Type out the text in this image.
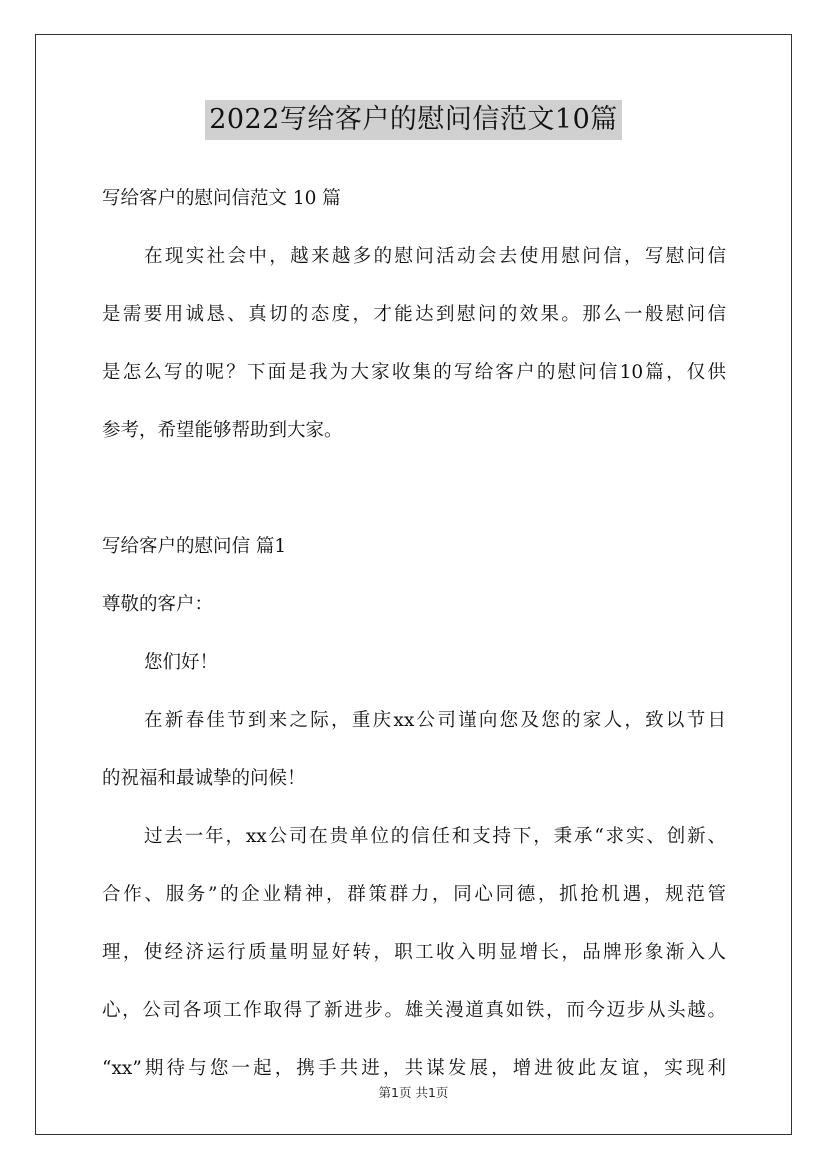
2022写给客户的慰问信范文10篇
写给客户的慰问信范文 10 篇
在现实社会中，越来越多的慰问活动会去使用慰问信，写慰问信
是需要用诚恳、真切的态度，才能达到慰问的效果。那么一般慰问信
是怎么写的呢？下面是我为大家收集的写给客户的慰问信10篇，仅供
参考，希望能够帮助到大家。
写给客户的慰问信 篇1
尊敬的客户：
您们好！
在新春佳节到来之际，重庆xx公司谨向您及您的家人，致以节日
的祝福和最诚挚的问候！
过去一年，xx公司在贵单位的信任和支持下，秉承“求实、创新、
合作、服务”的企业精神，群策群力，同心同德，抓抢机遇，规范管
理，使经济运行质量明显好转，职工收入明显增长，品牌形象渐入人
心，公司各项工作取得了新进步。雄关漫道真如铁，而今迈步从头越。
“xx”期待与您一起，携手共进，共谋发展，增进彼此友谊，实现利
第1页 共1页
